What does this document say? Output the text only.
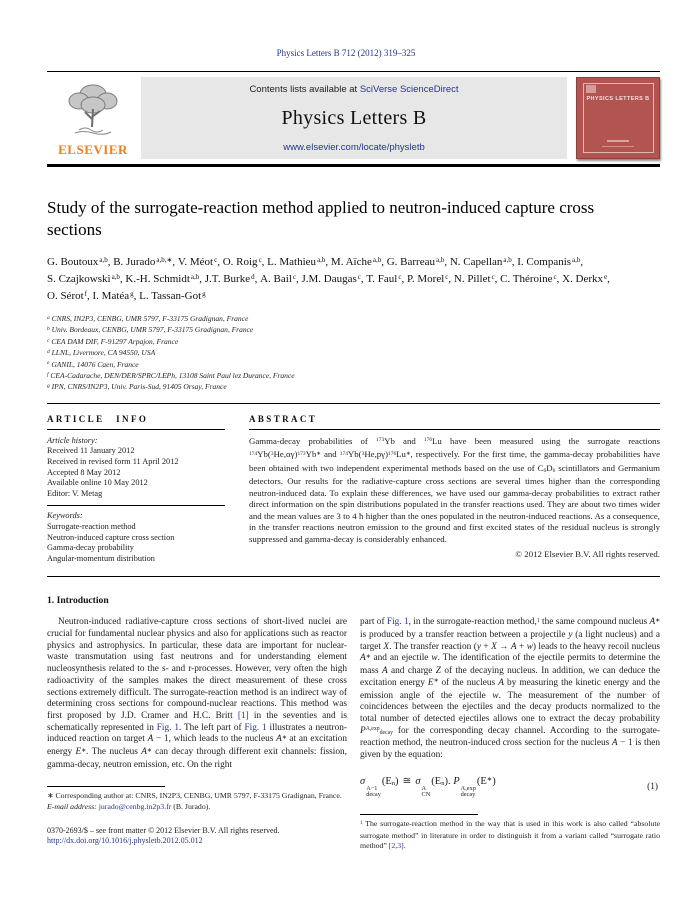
Physics Letters B 712 (2012) 319–325
ELSEVIER
Contents lists available at SciVerse ScienceDirect
Physics Letters B
www.elsevier.com/locate/physletb
PHYSICS LETTERS B
Study of the surrogate-reaction method applied to neutron-induced capture cross sections
G. Boutoux$^{a,b}$ , B. Jurado$^{a,b,∗}$ , V. Méot$^c$ , O. Roig$^c$ , L. Mathieu$^{a,b}$ , M. Aïche$^{a,b}$ , G. Barreau$^{a,b}$ , N. Capellan$^{a,b}$ , I. Companis$^{a,b}$ , S. Czajkowski$^{a,b}$ , K.-H. Schmidt$^{a,b}$ , J.T. Burke$^d$ , A. Bail$^c$ , J.M. Daugas$^c$ , T. Faul$^c$ , P. Morel$^c$ , N. Pillet$^c$ , C. Théroine$^c$ , X. Derkx$^e$ , O. Sérot$^f$ , I. Matéa$^g$ , L. Tassan-Got$^g$
$^a$ CNRS, IN2P3, CENBG, UMR 5797, F-33175 Gradignan, France
$^b$ Univ. Bordeaux, CENBG, UMR 5797, F-33175 Gradignan, France
$^c$ CEA DAM DIF, F-91297 Arpajon, France
$^d$ LLNL, Livermore, CA 94550, USA
$^e$ GANIL, 14076 Caen, France
$^f$ CEA-Cadarache, DEN/DER/SPRC/LEPh, 13108 Saint Paul lez Durance, France
$^g$ IPN, CNRS/IN2P3, Univ. Paris-Sud, 91405 Orsay, France
ARTICLE INFO
Article history:
Received 11 January 2012
Received in revised form 11 April 2012
Accepted 8 May 2012
Available online 10 May 2012
Editor: V. Metag
Keywords:
Surrogate-reaction method
Neutron-induced capture cross section
Gamma-decay probability
Angular-momentum distribution
ABSTRACT
Gamma-decay probabilities of $^{173}$Yb and $^{176}$Lu have been measured using the surrogate reactions $^{174}Yb(^3He,\alpha\gamma)^{173}Yb^∗$ and $^{174}Yb(^3He,p\gamma)^{176}Lu^∗$, respectively. For the first time, the gamma-decay probabilities have been obtained with two independent experimental methods based on the use of $C_6D_6$ scintillators and Germanium detectors. Our results for the radiative-capture cross sections are several times higher than the corresponding neutron-induced data. To explain these differences, we have used our gamma-decay probabilities to extract rather direct information on the spin distributions populated in the transfer reactions used. They are about two times wider and the mean values are 3 to 4 ħ higher than the ones populated in the neutron-induced reactions. As a consequence, in the transfer reactions neutron emission to the ground and first excited states of the residual nucleus is strongly suppressed and gamma-decay is considerably enhanced.
© 2012 Elsevier B.V. All rights reserved.
1. Introduction

Neutron-induced radiative-capture cross sections of short-lived nuclei are crucial for fundamental nuclear physics and also for applications such as reactor physics and astrophysics. In particular, these data are important for nuclear-waste transmutation using fast neutrons and for understanding element nucleosynthesis related to the s- and r-processes. However, very often the high radioactivity of the samples makes the direct measurement of these cross sections extremely difficult. The surrogate-reaction method is an indirect way of determining cross sections for compound-nuclear reactions. This method was first proposed by J.D. Cramer and H.C. Britt [1] in the seventies and is schematically represented in Fig. 1. The left part of Fig. 1 illustrates a neutron-induced reaction on target A − 1, which leads to the nucleus A∗ at an excitation energy E∗. The nucleus A∗ can decay through different exit channels: fission, gamma-decay, neutron emission, etc. On the right

∗ Corresponding author at: CNRS, IN2P3, CENBG, UMR 5797, F-33175 Gradignan, France.
E-mail address: jurado@cenbg.in2p3.fr (B. Jurado).
0370-2693/$ – see front matter © 2012 Elsevier B.V. All rights reserved.
http://dx.doi.org/10.1016/j.physletb.2012.05.012

part of Fig. 1, in the surrogate-reaction method,$^1$ the same compound nucleus A∗ is produced by a transfer reaction between a projectile y (a light nucleus) and a target X. The transfer reaction (y + X → A + w) leads to the heavy recoil nucleus A∗ and an ejectile w. The identification of the ejectile permits to determine the mass A and charge Z of the decaying nucleus. In addition, we can deduce the excitation energy E∗ of the nucleus A by measuring the kinetic energy and the emission angle of the ejectile w. The measurement of the number of coincidences between the ejectiles and the decay products normalized to the total number of detected ejectiles allows one to extract the decay probability $P^{A,exp}_{decay}$ for the corresponding decay channel. According to the surrogate-reaction method, the neutron-induced cross section for the nucleus A − 1 is then given by the equation:

σ
A−1
decay
$(E_n)$ ≅ σ
A
CN
$(E_n)$. P
A,exp
decay
(E∗)	(1)
$^1$ The surrogate-reaction method in the way that is used in this work is also called “absolute surrogate method” in literature in order to distinguish it from a variant called “surrogate ratio method” [2,3].
